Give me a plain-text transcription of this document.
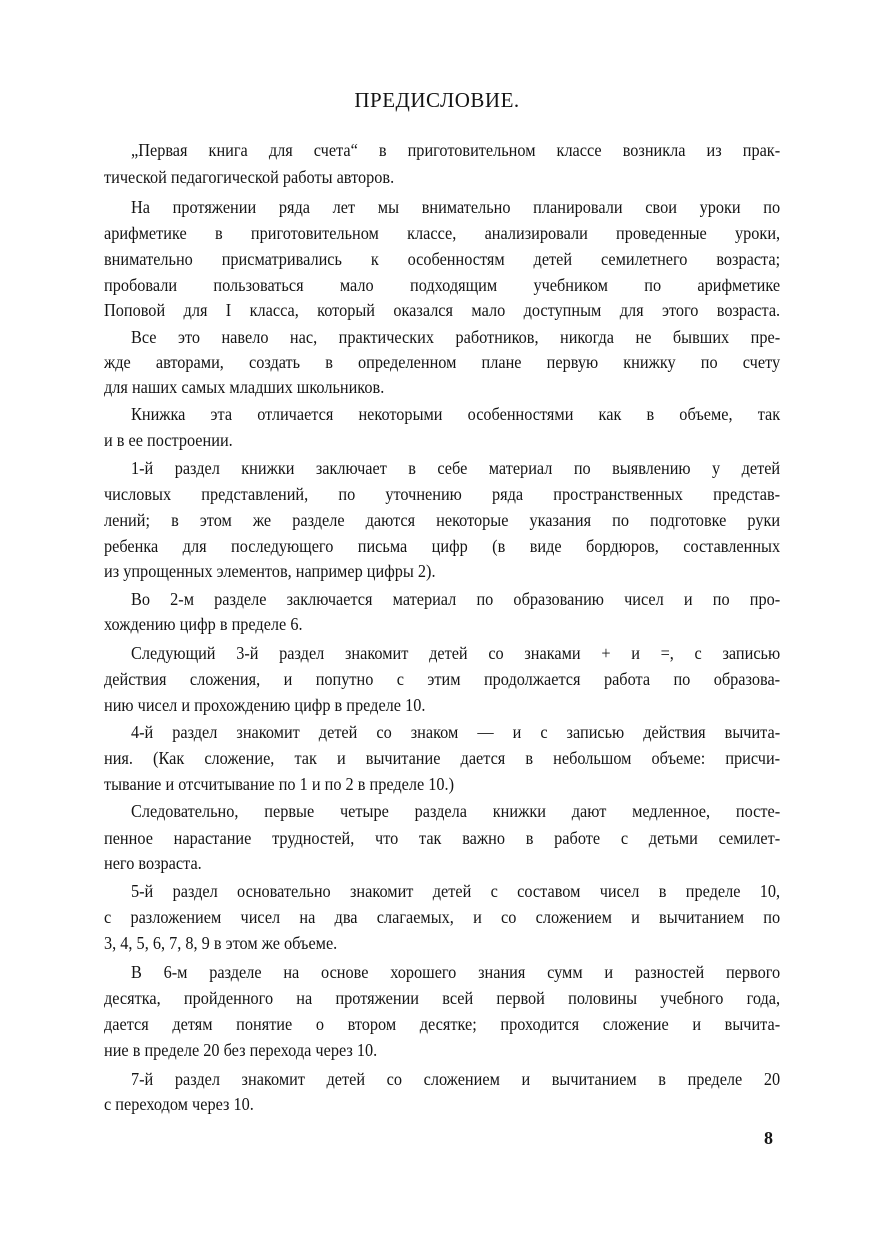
ПРЕДИСЛОВИЕ.
„Первая книга для счета“ в приготовительном классе возникла из прак-
тической педагогической работы авторов.
На протяжении ряда лет мы внимательно планировали свои уроки по
арифметике в приготовительном классе, анализировали проведенные уроки,
внимательно присматривались к особенностям детей семилетнего возраста;
пробовали пользоваться мало подходящим учебником по арифметике
Поповой для I класса, который оказался мало доступным для этого возраста.
Все это навело нас, практических работников, никогда не бывших пре-
жде авторами, создать в определенном плане первую книжку по счету
для наших самых младших школьников.
Книжка эта отличается некоторыми особенностями как в объеме, так
и в ее построении.
1-й раздел книжки заключает в себе материал по выявлению у детей
числовых представлений, по уточнению ряда пространственных представ-
лений; в этом же разделе даются некоторые указания по подготовке руки
ребенка для последующего письма цифр (в виде бордюров, составленных
из упрощенных элементов, например цифры 2).
Во 2-м разделе заключается материал по образованию чисел и по про-
хождению цифр в пределе 6.
Следующий 3-й раздел знакомит детей со знаками + и =, с записью
действия сложения, и попутно с этим продолжается работа по образова-
нию чисел и прохождению цифр в пределе 10.
4-й раздел знакомит детей со знаком — и с записью действия вычита-
ния. (Как сложение, так и вычитание дается в небольшом объеме: присчи-
тывание и отсчитывание по 1 и по 2 в пределе 10.)
Следовательно, первые четыре раздела книжки дают медленное, посте-
пенное нарастание трудностей, что так важно в работе с детьми семилет-
него возраста.
5-й раздел основательно знакомит детей с составом чисел в пределе 10,
с разложением чисел на два слагаемых, и со сложением и вычитанием по
3, 4, 5, 6, 7, 8, 9 в этом же объеме.
В 6-м разделе на основе хорошего знания сумм и разностей первого
десятка, пройденного на протяжении всей первой половины учебного года,
дается детям понятие о втором десятке; проходится сложение и вычита-
ние в пределе 20 без перехода через 10.
7-й раздел знакомит детей со сложением и вычитанием в пределе 20
с переходом через 10.
8
